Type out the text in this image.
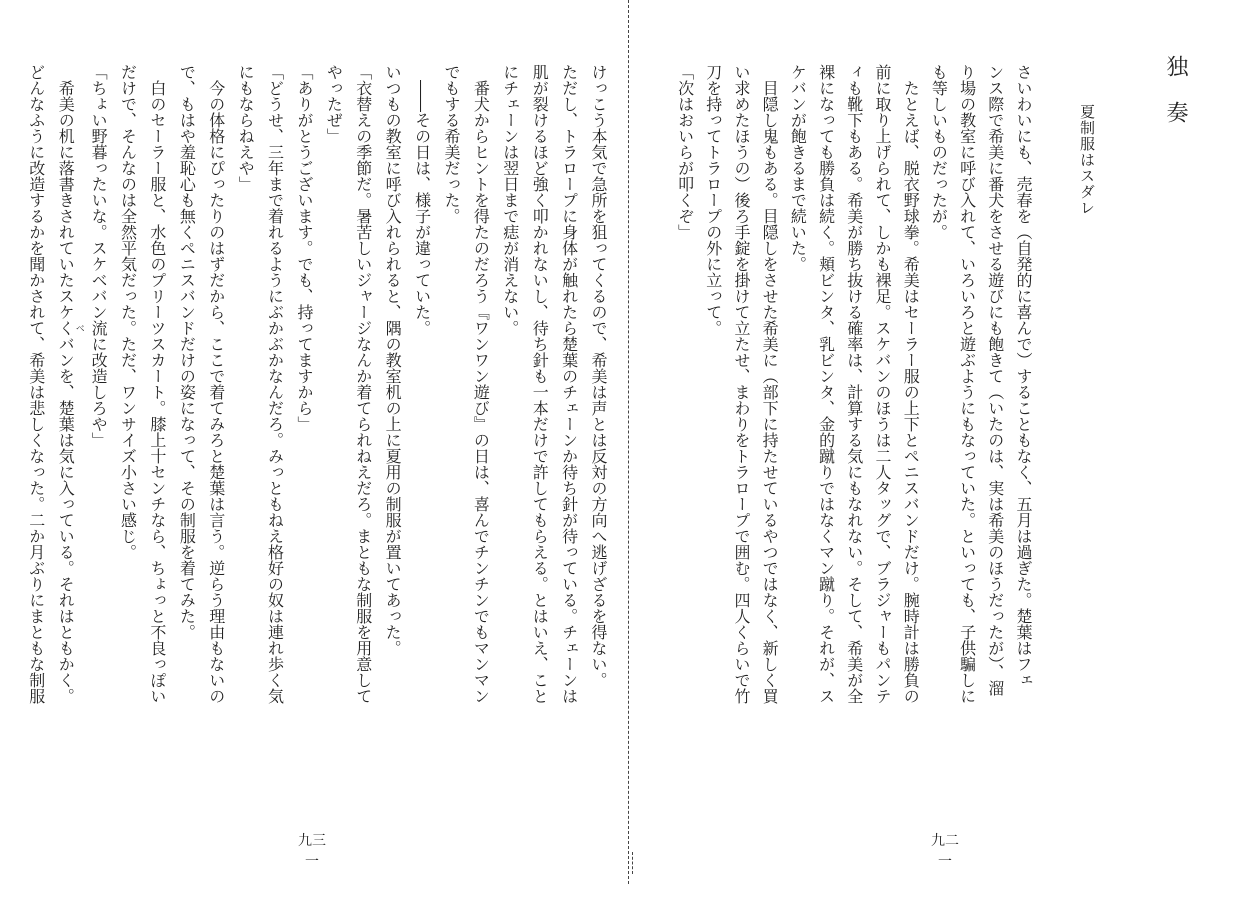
独奏
夏制服はスダレ
さいわいにも、売春を（自発的に喜んで）することもなく、五月は過ぎた。楚葉はフェ
ンス際で希美に番犬をさせる遊びにも飽きて（いたのは、実は希美のほうだったが）、溜
り場の教室に呼び入れて、いろいろと遊ぶようにもなっていた。といっても、子供騙しに
も等しいものだったが。
　たとえば、脱衣野球拳。希美はセーラー服の上下とペニスバンドだけ。腕時計は勝負の
前に取り上げられて、しかも裸足。スケバンのほうは二人タッグで、ブラジャーもパンテ
ィも靴下もある。希美が勝ち抜ける確率は、計算する気にもなれない。そして、希美が全
裸になっても勝負は続く。頬ビンタ、乳ビンタ、金的蹴りではなくマン蹴り。それが、ス
ケバンが飽きるまで続いた。
　目隠し鬼もある。目隠しをさせた希美に（部下に持たせているやつではなく、新しく買
い求めたほうの）後ろ手錠を掛けて立たせ、まわりをトラロープで囲む。四人くらいで竹
刀を持ってトラロープの外に立って。
「次はおいらが叩くぞ」
九二
一
けっこう本気で急所を狙ってくるので、希美は声とは反対の方向へ逃げざるを得ない。
ただし、トラロープに身体が触れたら楚葉のチェーンか待ち針が待っている。チェーンは
肌が裂けるほど強く叩かれないし、待ち針も一本だけで許してもらえる。とはいえ、こと
にチェーンは翌日まで痣が消えない。
　番犬からヒントを得たのだろう『ワンワン遊び』の日は、喜んでチンチンでもマンマン
でもする希美だった。
　――その日は、様子が違っていた。
いつもの教室に呼び入れられると、隅の教室机の上に夏用の制服が置いてあった。
「衣替えの季節だ。暑苦しいジャージなんか着てられねえだろ。まともな制服を用意して
やったぜ」
「ありがとうございます。でも、持ってますから」
「どうせ、三年まで着れるようにぶかぶかなんだろ。みっともねえ格好の奴は連れ歩く気
にもならねえや」
　今の体格にぴったりのはずだから、ここで着てみろと楚葉は言う。逆らう理由もないの
で、もはや羞恥心も無くペニスバンドだけの姿になって、その制服を着てみた。
　白のセーラー服と、水色のプリーツスカート。膝上十センチなら、ちょっと不良っぽい
だけで、そんなのは全然平気だった。ただ、ワンサイズ小さい感じ。
「ちょい野暮ったいな。スケベバン流に改造しろや」
　希美の机に落書きされていたスケくべバンを、楚葉は気に入っている。それはともかく。
どんなふうに改造するかを聞かされて、希美は悲しくなった。二か月ぶりにまともな制服
九三
一
